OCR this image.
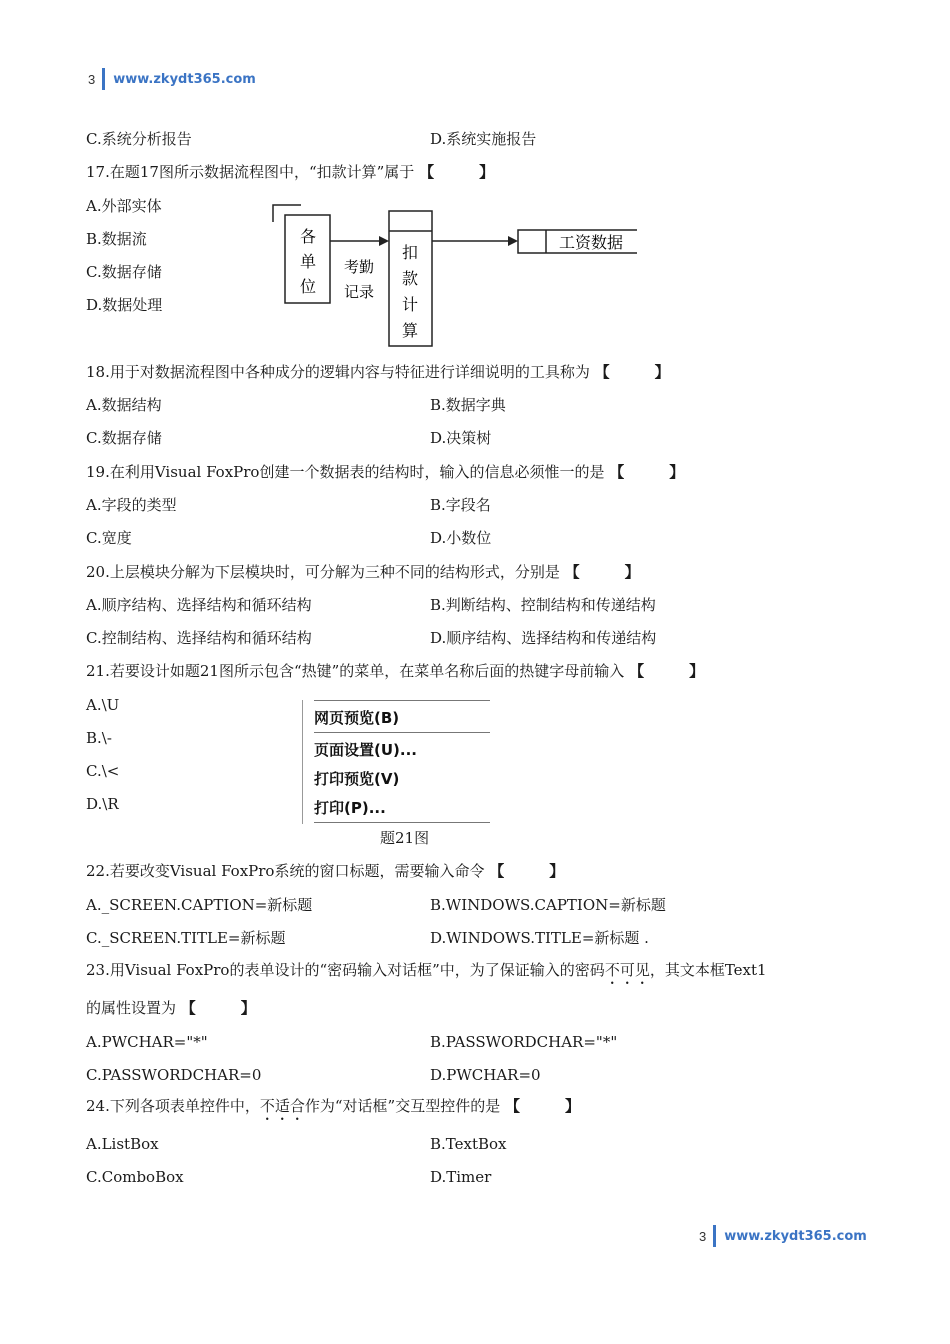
3 www.zkydt365.com
C.系统分析报告	D.系统实施报告
17.在题17图所示数据流程图中，“扣款计算”属于 【　　　】
A.外部实体
B.数据流
C.数据存储
D.数据处理
各
单
位
考勤
记录
扣
款
计
算
工资数据
18.用于对数据流程图中各种成分的逻辑内容与特征进行详细说明的工具称为 【　　　】
A.数据结构	B.数据字典
C.数据存储	D.决策树
19.在利用Visual FoxPro创建一个数据表的结构时，输入的信息必须惟一的是 【　　　】
A.字段的类型	B.字段名
C.宽度	D.小数位
20.上层模块分解为下层模块时，可分解为三种不同的结构形式，分别是 【　　　】
A.顺序结构、选择结构和循环结构	B.判断结构、控制结构和传递结构
C.控制结构、选择结构和循环结构	D.顺序结构、选择结构和传递结构
21.若要设计如题21图所示包含“热键”的菜单，在菜单名称后面的热键字母前输入 【　　　】
A.\U
B.\-
C.\<
D.\R
网页预览(B)
页面设置(U)...
打印预览(V)
打印(P)...
题21图
22.若要改变Visual FoxPro系统的窗口标题，需要输入命令 【　　　】
A._SCREEN.CAPTION=新标题	B.WINDOWS.CAPTION=新标题
C._SCREEN.TITLE=新标题	D.WINDOWS.TITLE=新标题 .
23.用Visual FoxPro的表单设计的“密码输入对话框”中，为了保证输入的密码不可见，其文本框Text1
的属性设置为 【　　　】
A.PWCHAR="*"	B.PASSWORDCHAR="*"
C.PASSWORDCHAR=0	D.PWCHAR=0
24.下列各项表单控件中，不适合作为“对话框”交互型控件的是 【　　　】
A.ListBox	B.TextBox
C.ComboBox	D.Timer
3 www.zkydt365.com
